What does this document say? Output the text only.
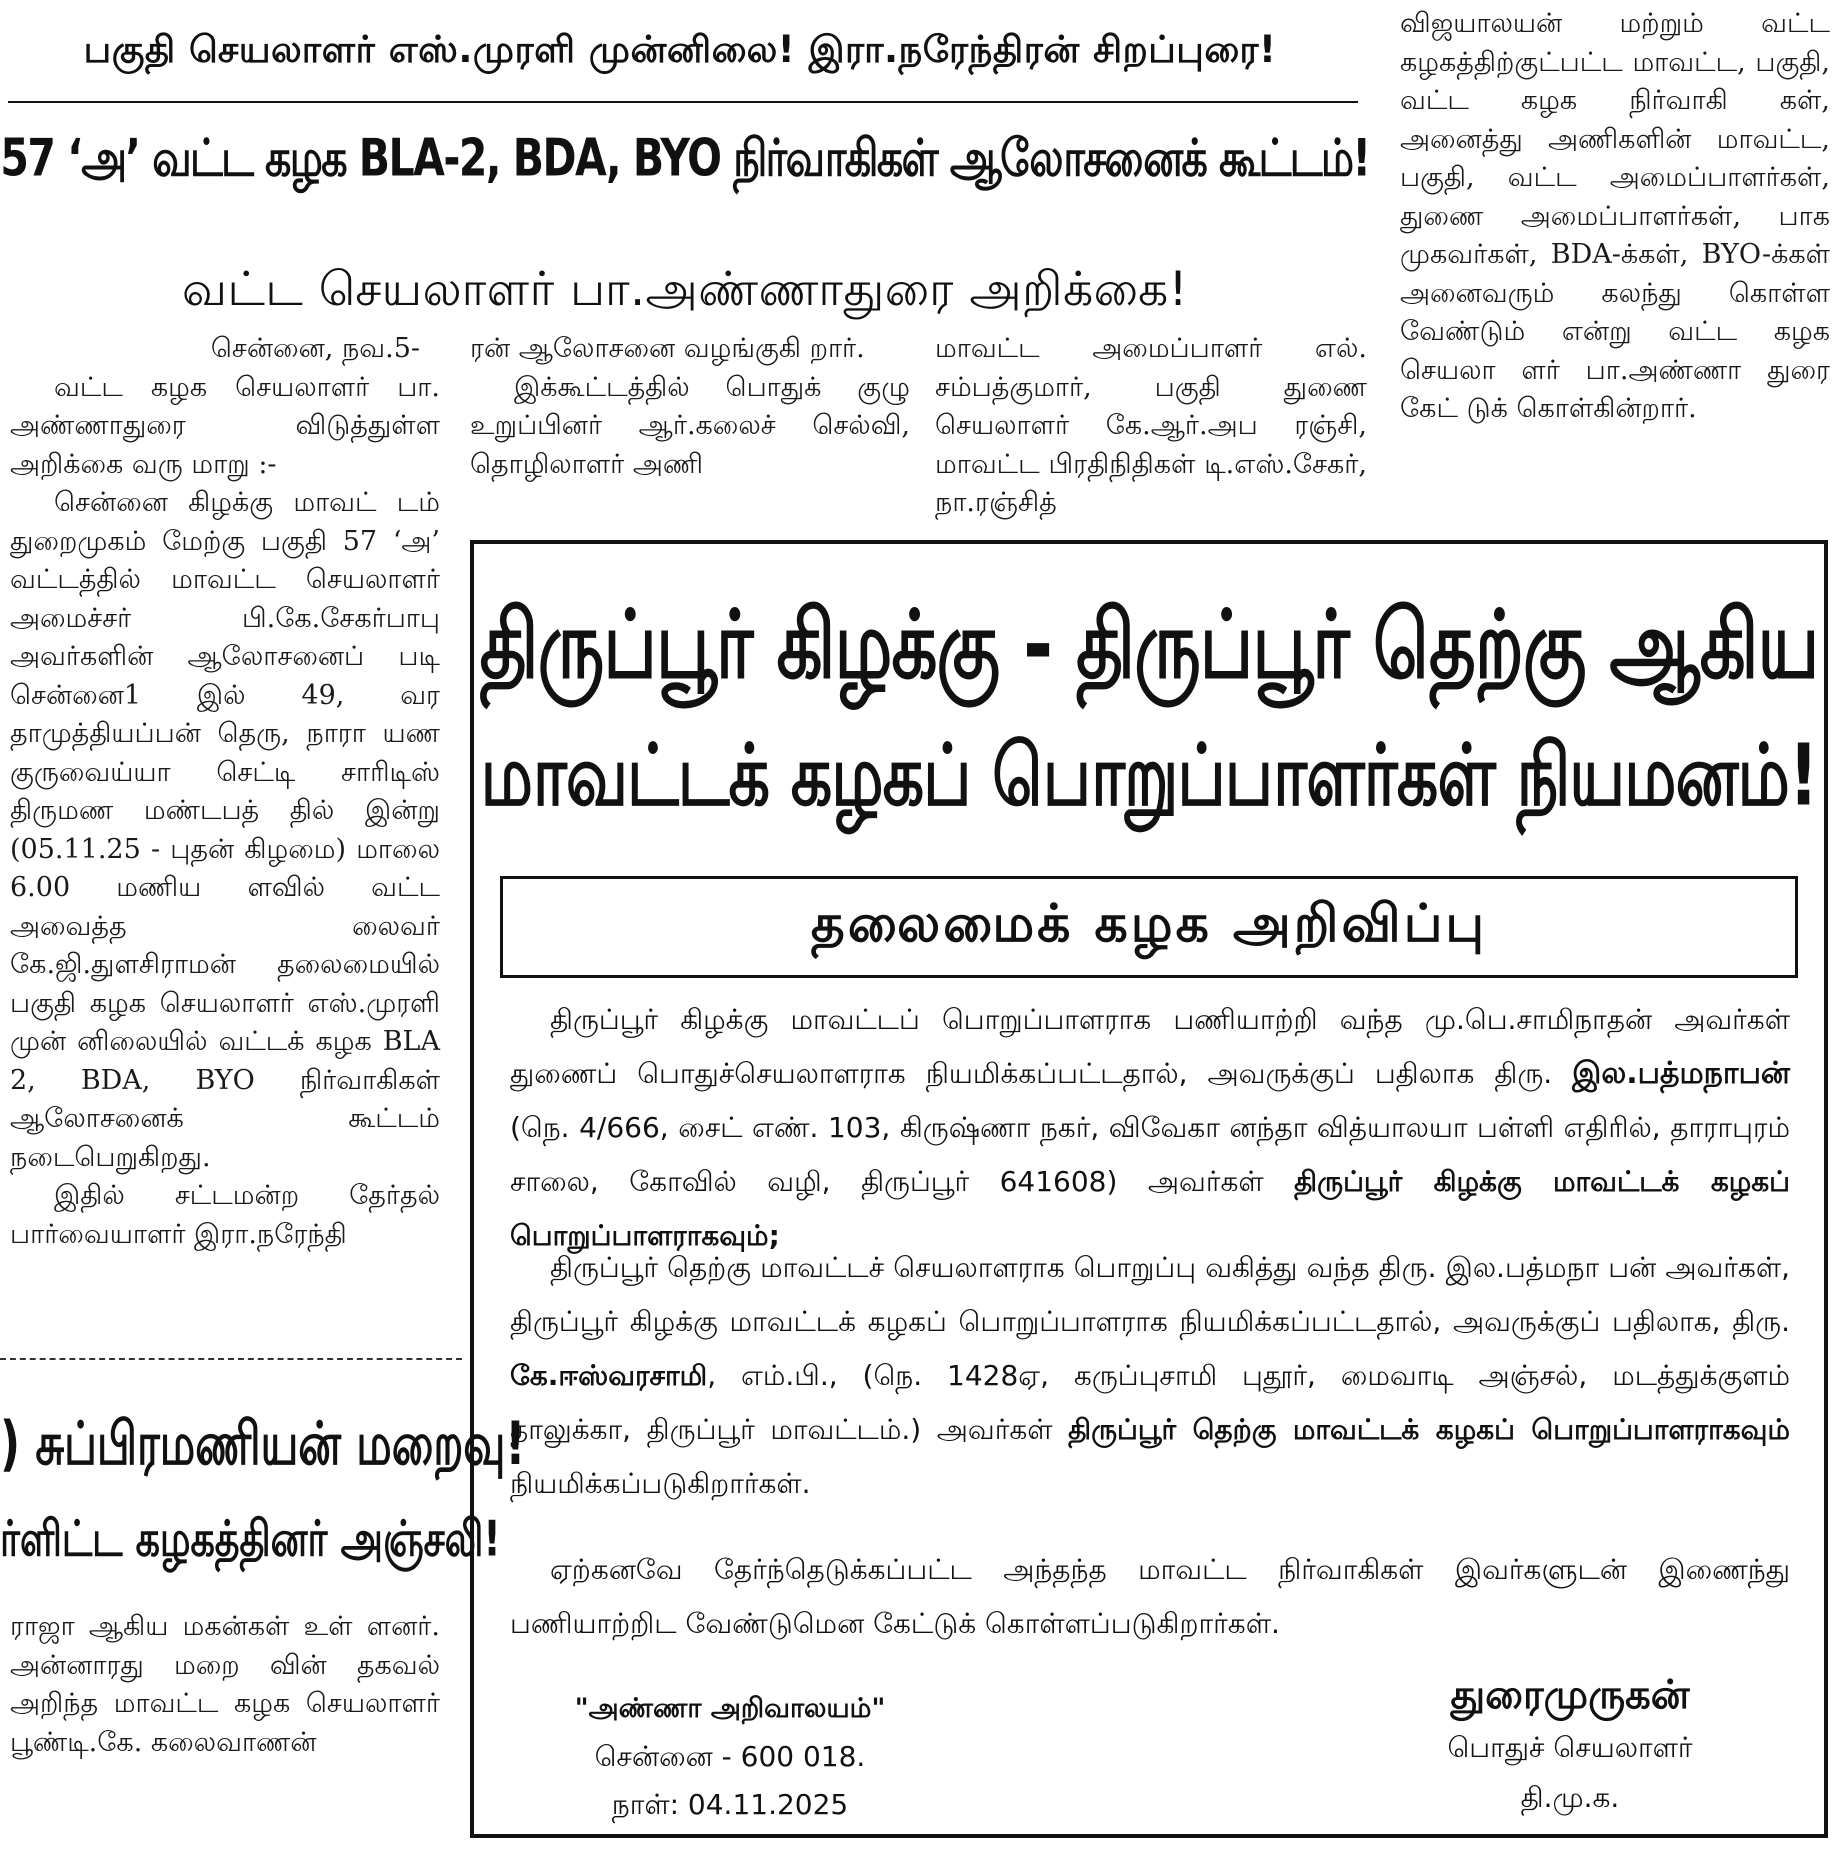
பகுதி செயலாளர் எஸ்.முரளி முன்னிலை! இரா.நரேந்திரன் சிறப்புரை!
57 ‘அ’ வட்ட கழக BLA-2, BDA, BYO நிர்வாகிகள் ஆலோசனைக் கூட்டம்!
வட்ட செயலாளர் பா.அண்ணாதுரை அறிக்கை!

சென்னை, நவ.5-

வட்ட கழக செயலாளர் பா. அண்ணாதுரை விடுத்துள்ள அறிக்கை வரு மாறு :-

சென்னை கிழக்கு மாவட் டம் துறைமுகம் மேற்கு பகுதி 57 ‘அ’ வட்டத்தில் மாவட்ட செயலாளர் அமைச்சர் பி.கே.சேகர்பாபு அவர்களின் ஆலோசனைப் படி சென்னை1 இல் 49, வர தாமுத்தியப்பன் தெரு, நாரா யண குருவைய்யா செட்டி சாரிடிஸ் திருமண மண்டபத் தில் இன்று (05.11.25 - புதன் கிழமை) மாலை 6.00 மணிய ளவில் வட்ட அவைத்த லைவர் கே.ஜி.துளசிராமன் தலைமையில் பகுதி கழக செயலாளர் எஸ்.முரளி முன் னிலையில் வட்டக் கழக BLA 2, BDA, BYO நிர்வாகிகள் ஆலோசனைக் கூட்டம் நடைபெறுகிறது.

இதில் சட்டமன்ற தேர்தல் பார்வையாளர் இரா.நரேந்தி

ரன் ஆலோசனை வழங்குகி றார்.

இக்கூட்டத்தில் பொதுக் குழு உறுப்பினர் ஆர்.கலைச் செல்வி, தொழிலாளர் அணி

மாவட்ட அமைப்பாளர் எல். சம்பத்குமார், பகுதி துணை செயலாளர் கே.ஆர்.அப ரஞ்சி, மாவட்ட பிரதிநிதிகள் டி.எஸ்.சேகர், நா.ரஞ்சித்

விஜயாலயன் மற்றும் வட்ட கழகத்திற்குட்பட்ட மாவட்ட, பகுதி, வட்ட கழக நிர்வாகி கள், அனைத்து அணிகளின் மாவட்ட, பகுதி, வட்ட அமைப்பாளர்கள், துணை அமைப்பாளர்கள், பாக முகவர்கள், BDA-க்கள், BYO-க்கள் அனைவரும் கலந்து கொள்ள வேண்டும் என்று வட்ட கழக செயலா ளர் பா.அண்ணா துரை கேட் டுக் கொள்கின்றார்.

) சுப்பிரமணியன் மறைவு!
ர்ளிட்ட கழகத்தினர் அஞ்சலி!

ராஜா ஆகிய மகன்கள் உள் ளனர். அன்னாரது மறை வின் தகவல் அறிந்த மாவட்ட கழக செயலாளர் பூண்டி.கே. கலைவாணன்

திருப்பூர் கிழக்கு - திருப்பூர் தெற்கு ஆகிய
மாவட்டக் கழகப் பொறுப்பாளர்கள் நியமனம்!
தலைமைக் கழக அறிவிப்பு
திருப்பூர் கிழக்கு மாவட்டப் பொறுப்பாளராக பணியாற்றி வந்த மு.பெ.சாமிநாதன் அவர்கள் துணைப் பொதுச்செயலாளராக நியமிக்கப்பட்டதால், அவருக்குப் பதிலாக திரு. இல.பத்மநாபன் (நெ. 4/666, சைட் எண். 103, கிருஷ்ணா நகர், விவேகா னந்தா வித்யாலயா பள்ளி எதிரில், தாராபுரம் சாலை, கோவில் வழி, திருப்பூர் 641608) அவர்கள் திருப்பூர் கிழக்கு மாவட்டக் கழகப் பொறுப்பாளராகவும்;
திருப்பூர் தெற்கு மாவட்டச் செயலாளராக பொறுப்பு வகித்து வந்த திரு. இல.பத்மநா பன் அவர்கள், திருப்பூர் கிழக்கு மாவட்டக் கழகப் பொறுப்பாளராக நியமிக்கப்பட்டதால், அவருக்குப் பதிலாக, திரு. கே.ஈஸ்வரசாமி, எம்.பி., (நெ. 1428ஏ, கருப்புசாமி புதூர், மைவாடி அஞ்சல், மடத்துக்குளம் தாலுக்கா, திருப்பூர் மாவட்டம்.) அவர்கள் திருப்பூர் தெற்கு மாவட்டக் கழகப் பொறுப்பாளராகவும் நியமிக்கப்படுகிறார்கள்.
ஏற்கனவே தேர்ந்தெடுக்கப்பட்ட அந்தந்த மாவட்ட நிர்வாகிகள் இவர்களுடன் இணைந்து பணியாற்றிட வேண்டுமென கேட்டுக் கொள்ளப்படுகிறார்கள்.
"அண்ணா அறிவாலயம்"
சென்னை - 600 018.
நாள்: 04.11.2025
துரைமுருகன்
பொதுச் செயலாளர்
தி.மு.க.
